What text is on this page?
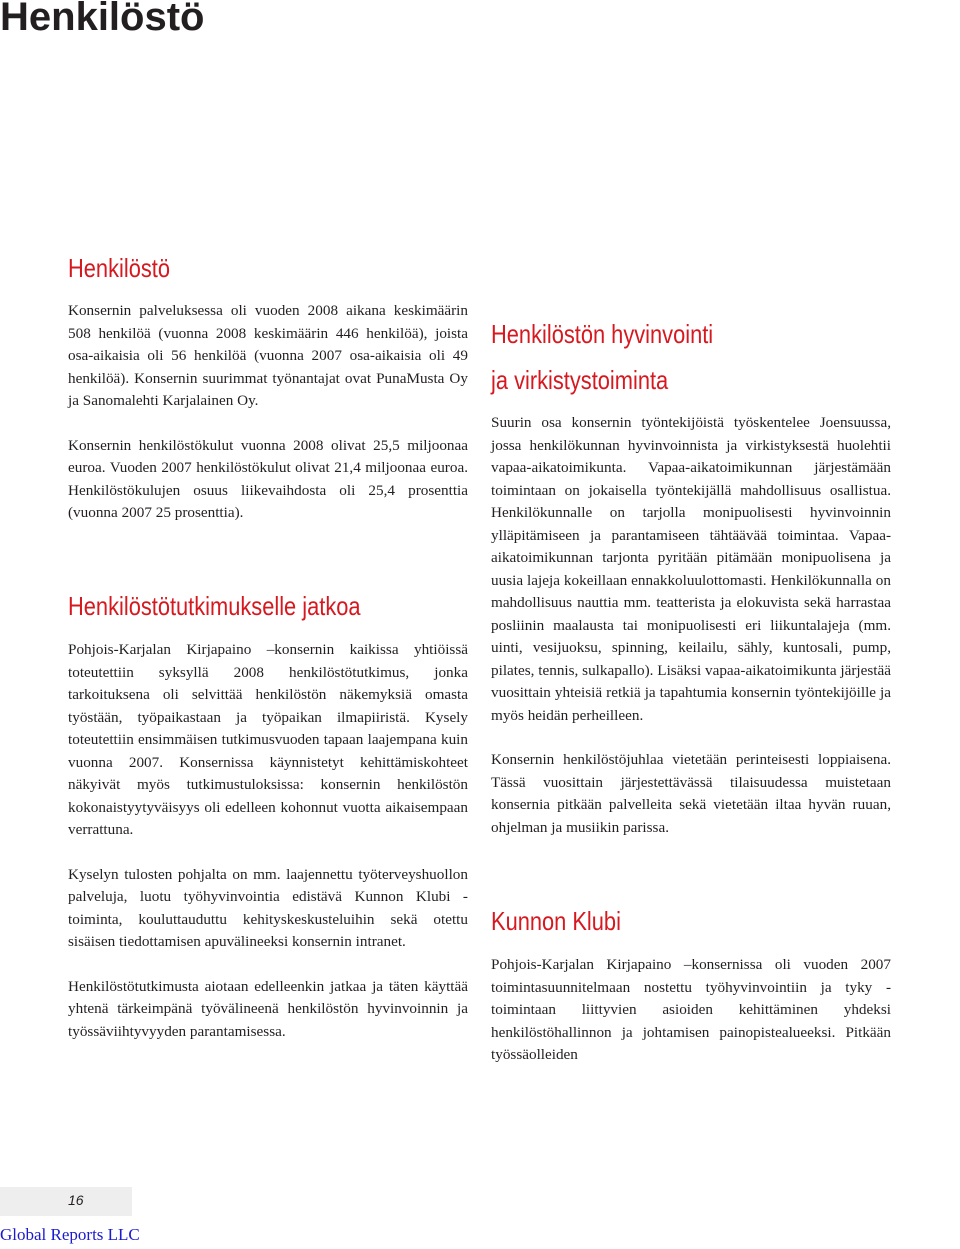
Henkilöstö
Henkilöstö

Konsernin palveluksessa oli vuoden 2008 aikana keskimäärin 508 henkilöä (vuonna 2008 keskimäärin 446 henkilöä), joista osa-aikaisia oli 56 henkilöä (vuonna 2007 osa-aikaisia oli 49 henkilöä). Konsernin suurimmat työnantajat ovat PunaMusta Oy ja Sanomalehti Karjalainen Oy.

Konsernin henkilöstökulut vuonna 2008 olivat 25,5 miljoonaa euroa. Vuoden 2007 henkilöstökulut olivat 21,4 miljoonaa euroa. Henkilöstökulujen osuus liikevaihdosta oli 25,4 prosenttia (vuonna 2007 25 prosenttia).

Henkilöstötutkimukselle jatkoa

Pohjois-Karjalan Kirjapaino –konsernin kaikissa yhtiöissä toteutettiin syksyllä 2008 henkilöstötutkimus, jonka tarkoituksena oli selvittää henkilöstön näkemyksiä omasta työstään, työpaikastaan ja työpaikan ilmapiiristä. Kysely toteutettiin ensimmäisen tutkimusvuoden tapaan laajempana kuin vuonna 2007. Konsernissa käynnistetyt kehittämiskohteet näkyivät myös tutkimustuloksissa: konsernin henkilöstön kokonaistyytyväisyys oli edelleen kohonnut vuotta aikaisempaan verrattuna.

Kyselyn tulosten pohjalta on mm. laajennettu työterveyshuollon palveluja, luotu työhyvinvointia edistävä Kunnon Klubi -toiminta, kouluttauduttu kehityskeskusteluihin sekä otettu sisäisen tiedottamisen apuvälineeksi konsernin intranet.

Henkilöstötutkimusta aiotaan edelleenkin jatkaa ja täten käyttää yhtenä tärkeimpänä työvälineenä henkilöstön hyvinvoinnin ja työssäviihtyvyyden parantamisessa.

Henkilöstön hyvinvointi
ja virkistystoiminta

Suurin osa konsernin työntekijöistä työskentelee Joensuussa, jossa henkilökunnan hyvinvoinnista ja virkistyksestä huolehtii vapaa-aikatoimikunta. Vapaa-aikatoimikunnan järjestämään toimintaan on jokaisella työntekijällä mahdollisuus osallistua. Henkilökunnalle on tarjolla monipuolisesti hyvinvoinnin ylläpitämiseen ja parantamiseen tähtäävää toimintaa. Vapaa-aikatoimikunnan tarjonta pyritään pitämään monipuolisena ja uusia lajeja kokeillaan ennakkoluulottomasti. Henkilökunnalla on mahdollisuus nauttia mm. teatterista ja elokuvista sekä harrastaa posliinin maalausta tai monipuolisesti eri liikuntalajeja (mm. uinti, vesijuoksu, spinning, keilailu, sähly, kuntosali, pump, pilates, tennis, sulkapallo). Lisäksi vapaa-aikatoimikunta järjestää vuosittain yhteisiä retkiä ja tapahtumia konsernin työntekijöille ja myös heidän perheilleen.

Konsernin henkilöstöjuhlaa vietetään perinteisesti loppiaisena. Tässä vuosittain järjestettävässä tilaisuudessa muistetaan konsernia pitkään palvelleita sekä vietetään iltaa hyvän ruuan, ohjelman ja musiikin parissa.

Kunnon Klubi

Pohjois-Karjalan Kirjapaino –konsernissa oli vuoden 2007 toimintasuunnitelmaan nostettu työhyvinvointiin ja tyky -toimintaan liittyvien asioiden kehittäminen yhdeksi henkilöstöhallinnon ja johtamisen painopistealueeksi. Pitkään työssäolleiden

16
Global Reports LLC
